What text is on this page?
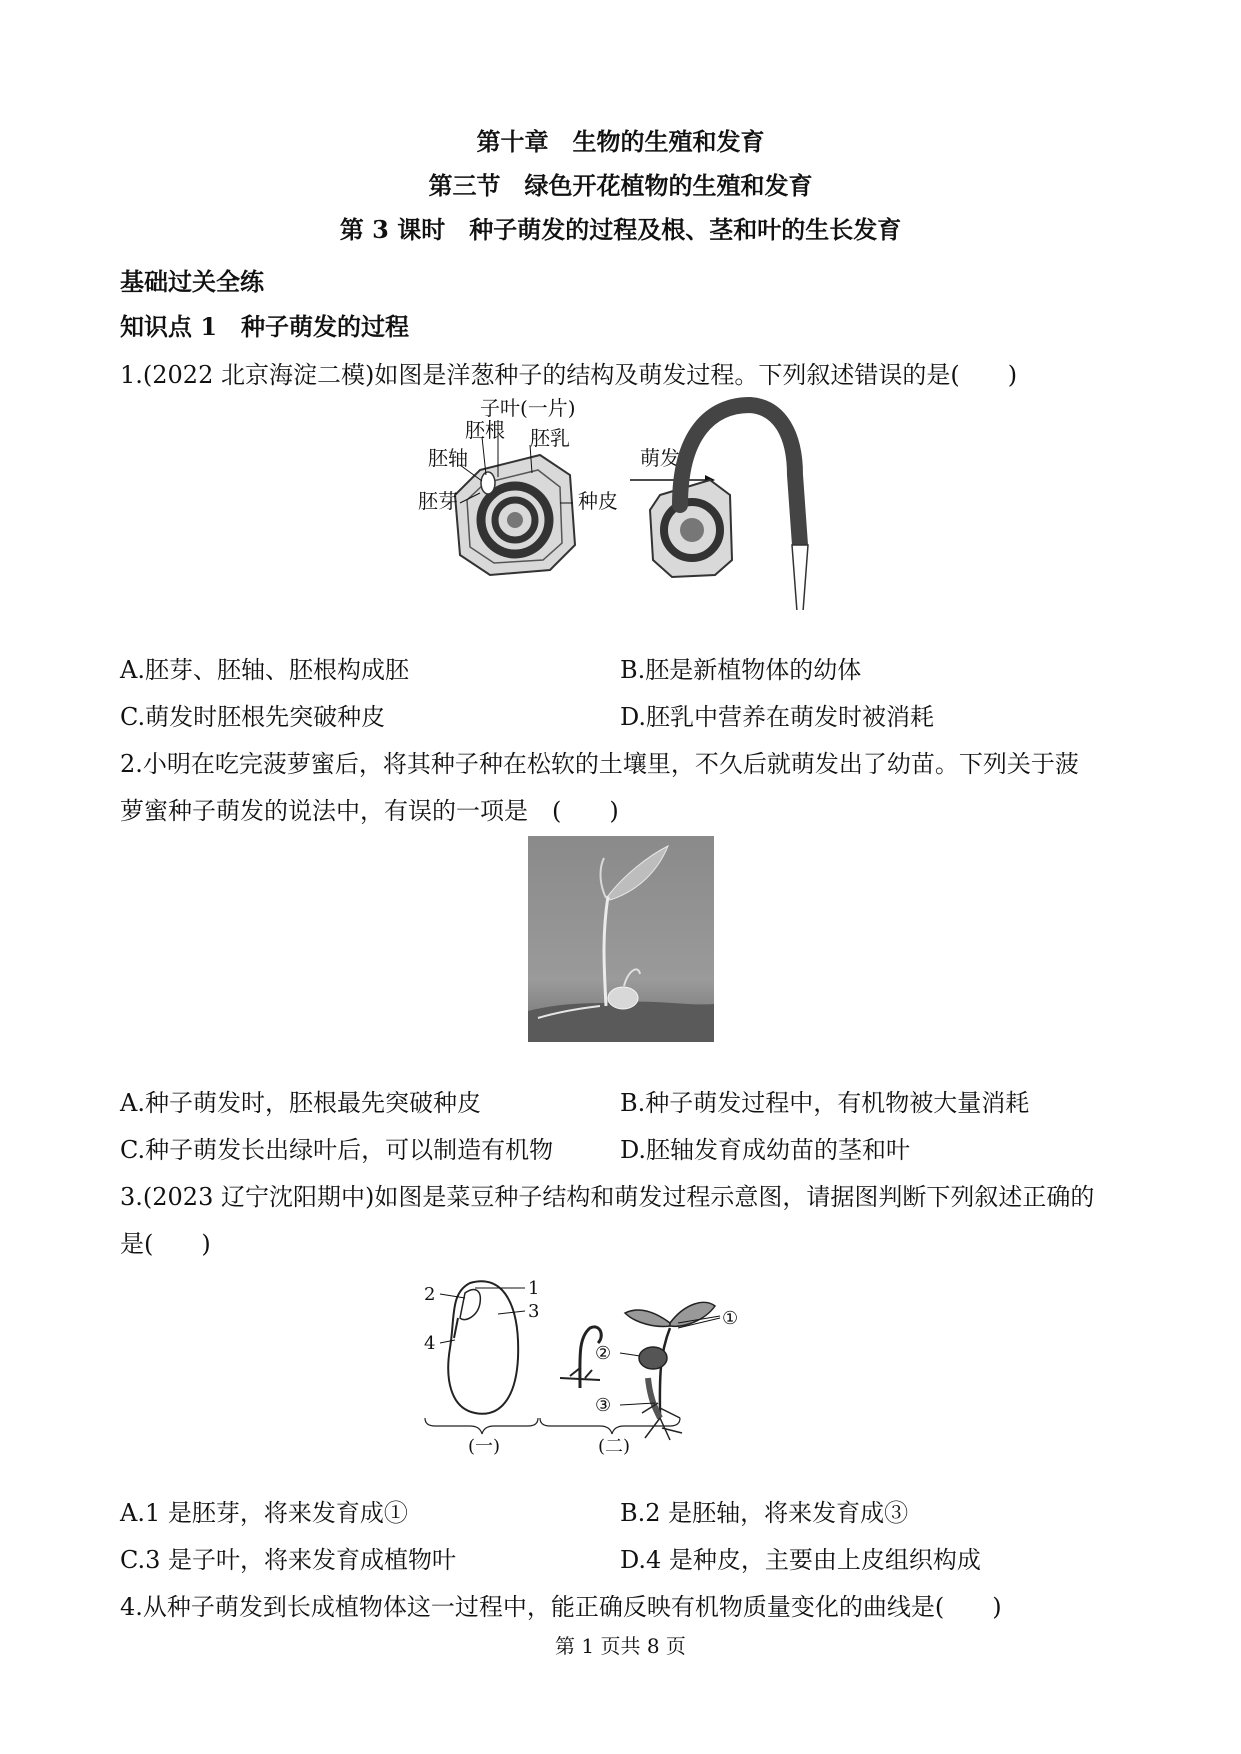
第十章　生物的生殖和发育
第三节　绿色开花植物的生殖和发育
第 3 课时　种子萌发的过程及根、茎和叶的生长发育
基础过关全练
知识点 1　种子萌发的过程
1.(2022 北京海淀二模)如图是洋葱种子的结构及萌发过程。下列叙述错误的是(　　)
子叶(一片)
胚根
胚轴
胚乳
胚芽	种皮
萌发
A.胚芽、胚轴、胚根构成胚	B.胚是新植物体的幼体
C.萌发时胚根先突破种皮	D.胚乳中营养在萌发时被消耗
2.小明在吃完菠萝蜜后，将其种子种在松软的土壤里，不久后就萌发出了幼苗。下列关于菠
萝蜜种子萌发的说法中，有误的一项是　(　　)
A.种子萌发时，胚根最先突破种皮	B.种子萌发过程中，有机物被大量消耗
C.种子萌发长出绿叶后，可以制造有机物	D.胚轴发育成幼苗的茎和叶
3.(2023 辽宁沈阳期中)如图是菜豆种子结构和萌发过程示意图，请据图判断下列叙述正确的
是(　　)
1
2
3
4
①
②
③
(一)	(二)
A.1 是胚芽，将来发育成①	B.2 是胚轴，将来发育成③
C.3 是子叶，将来发育成植物叶	D.4 是种皮，主要由上皮组织构成
4.从种子萌发到长成植物体这一过程中，能正确反映有机物质量变化的曲线是(　　)
第 1 页共 8 页
